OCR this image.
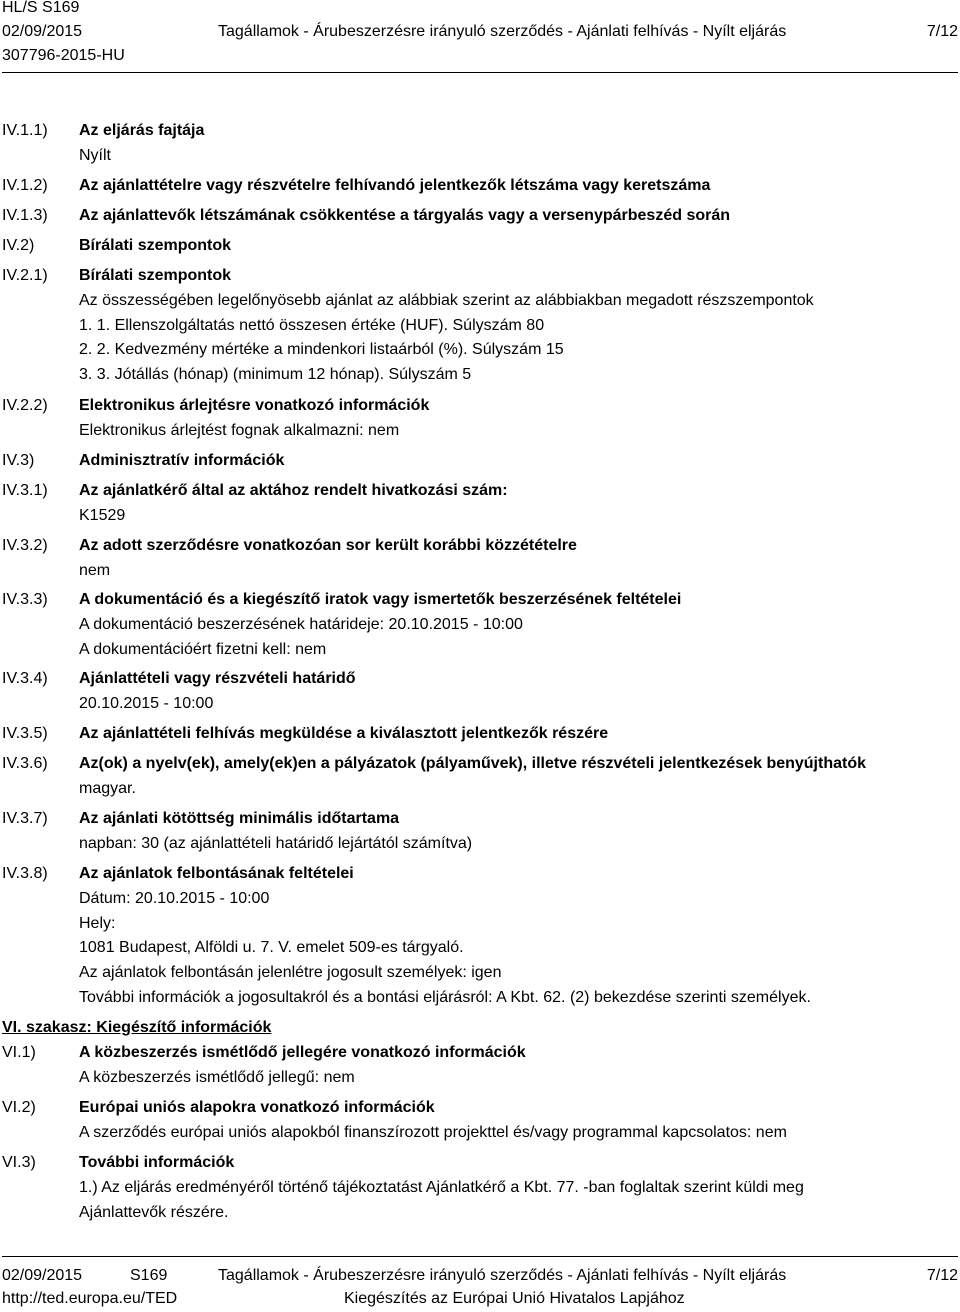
HL/S S169
02/09/2015	Tagállamok - Árubeszerzésre irányuló szerződés - Ajánlati felhívás - Nyílt eljárás	7/12
307796-2015-HU
IV.1.1) Az eljárás fajtája
Nyílt
IV.1.2) Az ajánlattételre vagy részvételre felhívandó jelentkezők létszáma vagy keretszáma
IV.1.3) Az ajánlattevők létszámának csökkentése a tárgyalás vagy a versenypárbeszéd során
IV.2)	Bírálati szempontok
IV.2.1) Bírálati szempontok
Az összességében legelőnyösebb ajánlat az alábbiak szerint az alábbiakban megadott részszempontok
1. 1. Ellenszolgáltatás nettó összesen értéke (HUF). Súlyszám 80
2. 2. Kedvezmény mértéke a mindenkori listaárból (%). Súlyszám 15
3. 3. Jótállás (hónap) (minimum 12 hónap). Súlyszám 5
IV.2.2) Elektronikus árlejtésre vonatkozó információk
Elektronikus árlejtést fognak alkalmazni: nem
IV.3)	Adminisztratív információk
IV.3.1) Az ajánlatkérő által az aktához rendelt hivatkozási szám:
K1529
IV.3.2) Az adott szerződésre vonatkozóan sor került korábbi közzétételre
nem
IV.3.3) A dokumentáció és a kiegészítő iratok vagy ismertetők beszerzésének feltételei
A dokumentáció beszerzésének határideje: 20.10.2015 - 10:00
A dokumentációért fizetni kell: nem
IV.3.4) Ajánlattételi vagy részvételi határidő
20.10.2015 - 10:00
IV.3.5) Az ajánlattételi felhívás megküldése a kiválasztott jelentkezők részére
IV.3.6) Az(ok) a nyelv(ek), amely(ek)en a pályázatok (pályaművek), illetve részvételi jelentkezések benyújthatók
magyar.
IV.3.7) Az ajánlati kötöttség minimális időtartama
napban: 30 (az ajánlattételi határidő lejártától számítva)
IV.3.8) Az ajánlatok felbontásának feltételei
Dátum: 20.10.2015 - 10:00
Hely:
1081 Budapest, Alföldi u. 7. V. emelet 509-es tárgyaló.
Az ajánlatok felbontásán jelenlétre jogosult személyek: igen
További információk a jogosultakról és a bontási eljárásról: A Kbt. 62. (2) bekezdése szerinti személyek.
VI. szakasz: Kiegészítő információk
VI.1)	A közbeszerzés ismétlődő jellegére vonatkozó információk
A közbeszerzés ismétlődő jellegű: nem
VI.2)	Európai uniós alapokra vonatkozó információk
A szerződés európai uniós alapokból finanszírozott projekttel és/vagy programmal kapcsolatos: nem
VI.3)	További információk
1.) Az eljárás eredményéről történő tájékoztatást Ajánlatkérő a Kbt. 77. -ban foglaltak szerint küldi meg
Ajánlattevők részére.
02/09/2015	S169	Tagállamok - Árubeszerzésre irányuló szerződés - Ajánlati felhívás - Nyílt eljárás	7/12
http://ted.europa.eu/TED	Kiegészítés az Európai Unió Hivatalos Lapjához
